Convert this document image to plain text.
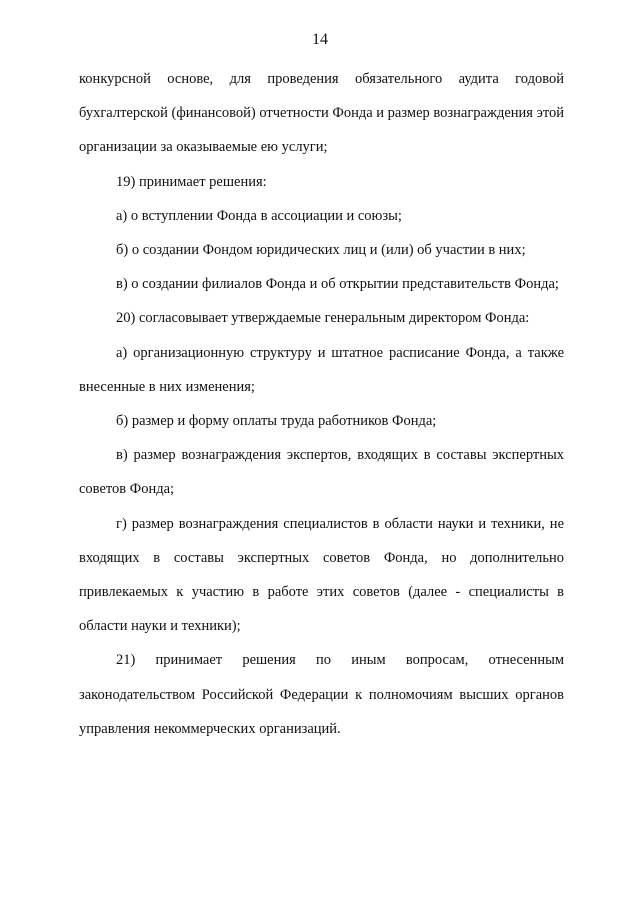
14

конкурсной основе, для проведения обязательного аудита годовой бухгалтерской (финансовой) отчетности Фонда и размер вознаграждения этой организации за оказываемые ею услуги;

19) принимает решения:

а) о вступлении Фонда в ассоциации и союзы;

б) о создании Фондом юридических лиц и (или) об участии в них;

в) о создании филиалов Фонда и об открытии представительств Фонда;

20) согласовывает утверждаемые генеральным директором Фонда:

а) организационную структуру и штатное расписание Фонда, а также внесенные в них изменения;

б) размер и форму оплаты труда работников Фонда;

в) размер вознаграждения экспертов, входящих в составы экспертных советов Фонда;

г) размер вознаграждения специалистов в области науки и техники, не входящих в составы экспертных советов Фонда, но дополнительно привлекаемых к участию в работе этих советов (далее - специалисты в области науки и техники);

21) принимает решения по иным вопросам, отнесенным законодательством Российской Федерации к полномочиям высших органов управления некоммерческих организаций.
